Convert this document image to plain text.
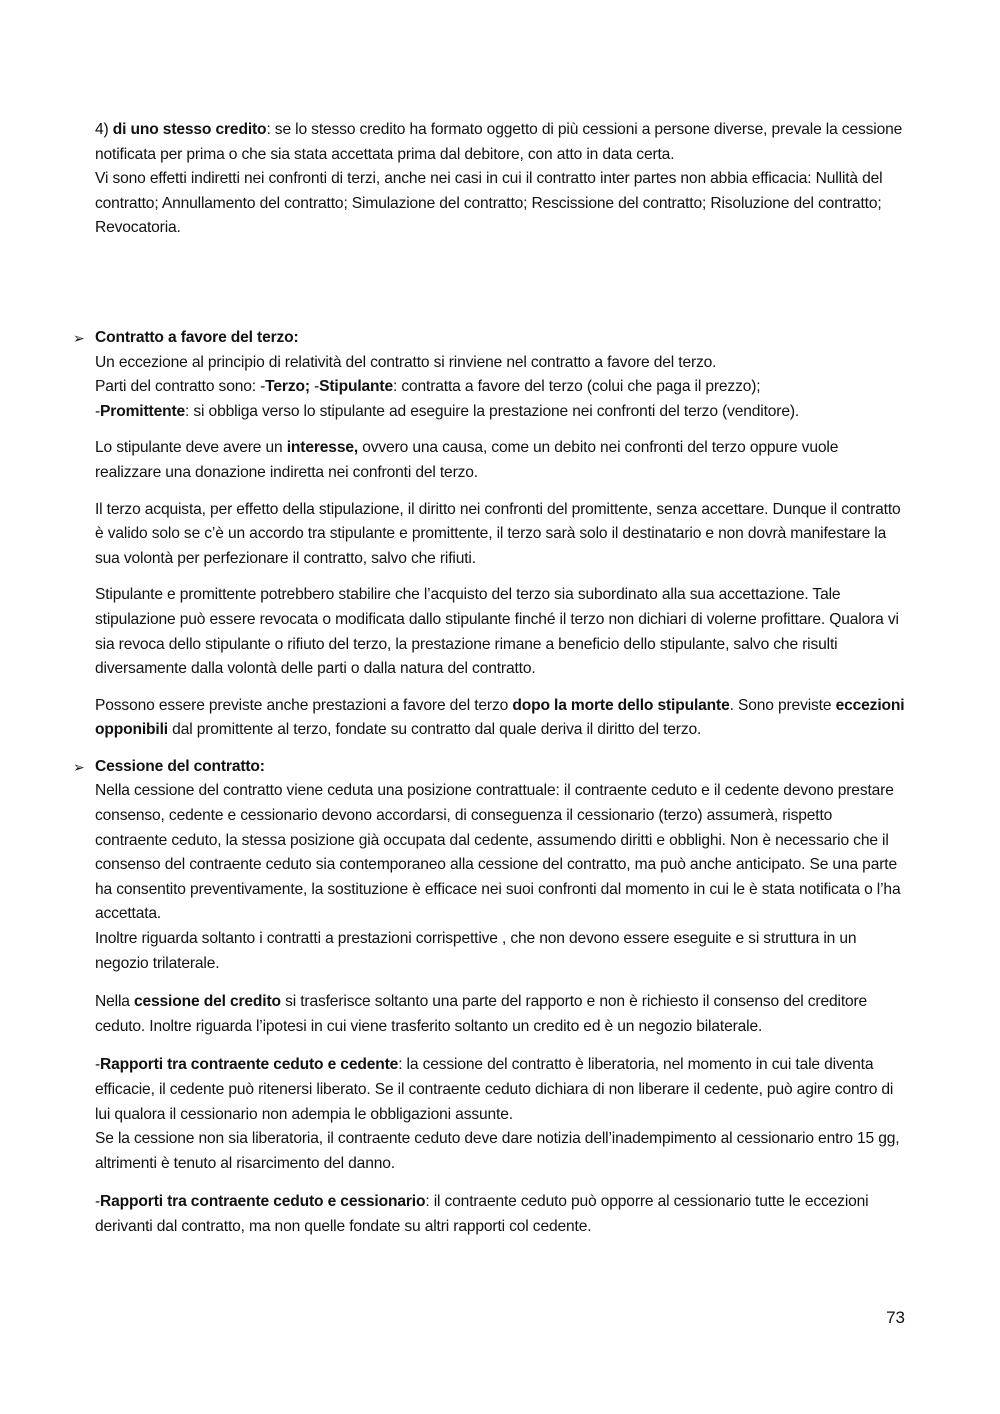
4) di uno stesso credito: se lo stesso credito ha formato oggetto di più cessioni a persone diverse, prevale la cessione notificata per prima o che sia stata accettata prima dal debitore, con atto in data certa.

Vi sono effetti indiretti nei confronti di terzi, anche nei casi in cui il contratto inter partes non abbia efficacia: Nullità del contratto; Annullamento del contratto; Simulazione del contratto; Rescissione del contratto; Risoluzione del contratto; Revocatoria.

➢ Contratto a favore del terzo:

Un eccezione al principio di relatività del contratto si rinviene nel contratto a favore del terzo.

Parti del contratto sono: -Terzo; -Stipulante: contratta a favore del terzo (colui che paga il prezzo);

-Promittente: si obbliga verso lo stipulante ad eseguire la prestazione nei confronti del terzo (venditore).

Lo stipulante deve avere un interesse, ovvero una causa, come un debito nei confronti del terzo oppure vuole realizzare una donazione indiretta nei confronti del terzo.

Il terzo acquista, per effetto della stipulazione, il diritto nei confronti del promittente, senza accettare. Dunque il contratto è valido solo se c’è un accordo tra stipulante e promittente, il terzo sarà solo il destinatario e non dovrà manifestare la sua volontà per perfezionare il contratto, salvo che rifiuti.

Stipulante e promittente potrebbero stabilire che l’acquisto del terzo sia subordinato alla sua accettazione. Tale stipulazione può essere revocata o modificata dallo stipulante finché il terzo non dichiari di volerne profittare. Qualora vi sia revoca dello stipulante o rifiuto del terzo, la prestazione rimane a beneficio dello stipulante, salvo che risulti diversamente dalla volontà delle parti o dalla natura del contratto.

Possono essere previste anche prestazioni a favore del terzo dopo la morte dello stipulante. Sono previste eccezioni opponibili dal promittente al terzo, fondate su contratto dal quale deriva il diritto del terzo.

➢ Cessione del contratto:

Nella cessione del contratto viene ceduta una posizione contrattuale: il contraente ceduto e il cedente devono prestare consenso, cedente e cessionario devono accordarsi, di conseguenza il cessionario (terzo) assumerà, rispetto contraente ceduto, la stessa posizione già occupata dal cedente, assumendo diritti e obblighi. Non è necessario che il consenso del contraente ceduto sia contemporaneo alla cessione del contratto, ma può anche anticipato. Se una parte ha consentito preventivamente, la sostituzione è efficace nei suoi confronti dal momento in cui le è stata notificata o l’ha accettata.

Inoltre riguarda soltanto i contratti a prestazioni corrispettive , che non devono essere eseguite e si struttura in un negozio trilaterale.

Nella cessione del credito si trasferisce soltanto una parte del rapporto e non è richiesto il consenso del creditore ceduto. Inoltre riguarda l’ipotesi in cui viene trasferito soltanto un credito ed è un negozio bilaterale.

-Rapporti tra contraente ceduto e cedente: la cessione del contratto è liberatoria, nel momento in cui tale diventa efficacie, il cedente può ritenersi liberato. Se il contraente ceduto dichiara di non liberare il cedente, può agire contro di lui qualora il cessionario non adempia le obbligazioni assunte.

Se la cessione non sia liberatoria, il contraente ceduto deve dare notizia dell’inadempimento al cessionario entro 15 gg, altrimenti è tenuto al risarcimento del danno.

-Rapporti tra contraente ceduto e cessionario: il contraente ceduto può opporre al cessionario tutte le eccezioni derivanti dal contratto, ma non quelle fondate su altri rapporti col cedente.

73
